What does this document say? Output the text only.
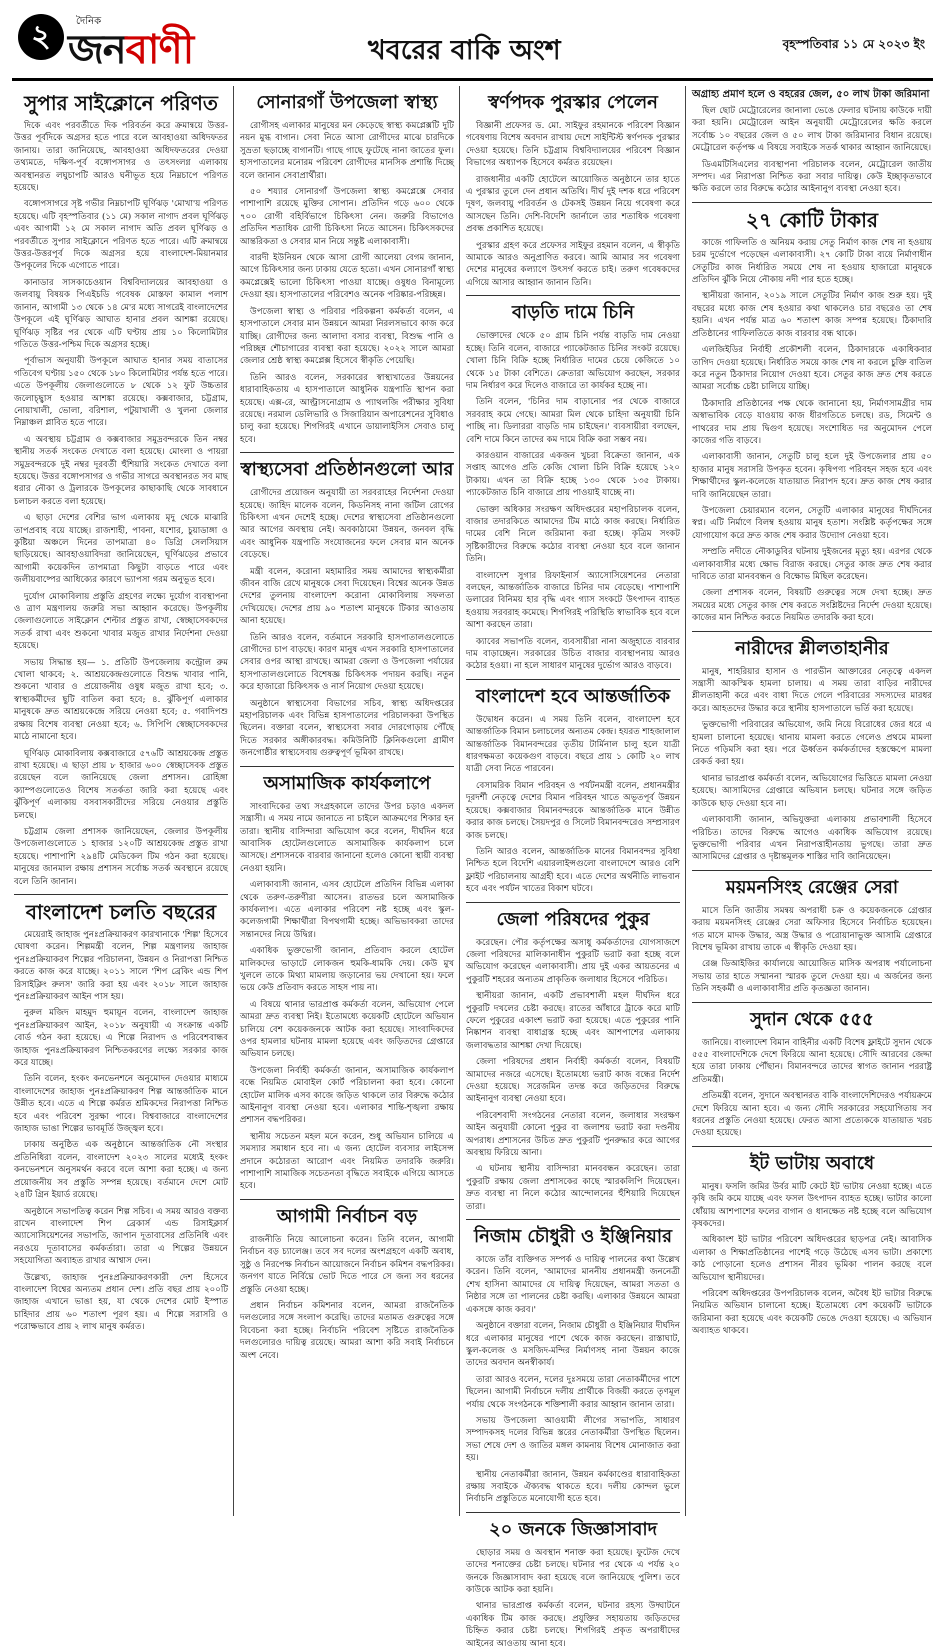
২ জনবাণী
দৈনিক
খবরের বাকি অংশ	বৃহস্পতিবার ১১ মে ২০২৩ ইং
সুপার সাইক্লোনে পরিণত

দিকে এবং পরবর্তীতে দিক পরিবর্তন করে ক্রমান্বয়ে উত্তর-উত্তর পূর্বদিকে অগ্রসর হতে পারে বলে আবহাওয়া অধিদফতর জানায়। তারা জানিয়েছে, আবহাওয়া অধিদফতরের দেওয়া তথ্যমতে, দক্ষিণ-পূর্ব বঙ্গোপসাগর ও তৎসংলগ্ন এলাকায় অবস্থানরত লঘুচাপটি আরও ঘনীভূত হয়ে নিম্নচাপে পরিণত হয়েছে।

বঙ্গোপসাগরে সৃষ্ট গভীর নিম্নচাপটি ঘূর্ণিঝড় 'মোখা'য় পরিণত হয়েছে। এটি বৃহস্পতিবার (১১ মে) সকাল নাগাদ প্রবল ঘূর্ণিঝড় এবং আগামী ১২ মে সকাল নাগাদ অতি প্রবল ঘূর্ণিঝড় ও পরবর্তীতে সুপার সাইক্লোনে পরিণত হতে পারে। এটি ক্রমান্বয়ে উত্তর-উত্তরপূর্ব দিকে অগ্রসর হয়ে বাংলাদেশ-মিয়ানমার উপকূলের দিকে এগোতে পারে।

কানাডার সাসকাচেওয়ান বিশ্ববিদ্যালয়ের আবহাওয়া ও জলবায়ু বিষয়ক পিএইচডি গবেষক মোস্তফা কামাল পলাশ জানান, আগামী ১৩ থেকে ১৪ মে'র মধ্যে সাগরেই বাংলাদেশের উপকূলে এই ঘূর্ণিঝড় আঘাত হানার প্রবল আশঙ্কা রয়েছে। ঘূর্ণিঝড় সৃষ্টির পর থেকে এটি ঘণ্টায় প্রায় ১০ কিলোমিটার গতিতে উত্তর-পশ্চিম দিকে অগ্রসর হচ্ছে।

পূর্বাভাস অনুযায়ী উপকূলে আঘাত হানার সময় বাতাসের গতিবেগ ঘণ্টায় ১৫০ থেকে ১৮০ কিলোমিটার পর্যন্ত হতে পারে। এতে উপকূলীয় জেলাগুলোতে ৮ থেকে ১২ ফুট উচ্চতার জলোচ্ছ্বাস হওয়ার আশঙ্কা রয়েছে। কক্সবাজার, চট্টগ্রাম, নোয়াখালী, ভোলা, বরিশাল, পটুয়াখালী ও খুলনা জেলার নিম্নাঞ্চল প্লাবিত হতে পারে।

এ অবস্থায় চট্টগ্রাম ও কক্সবাজার সমুদ্রবন্দরকে তিন নম্বর স্থানীয় সতর্ক সংকেত দেখাতে বলা হয়েছে। মোংলা ও পায়রা সমুদ্রবন্দরকে দুই নম্বর দূরবর্তী হুঁশিয়ারি সংকেত দেখাতে বলা হয়েছে। উত্তর বঙ্গোপসাগর ও গভীর সাগরে অবস্থানরত সব মাছ ধরার নৌকা ও ট্রলারকে উপকূলের কাছাকাছি থেকে সাবধানে চলাচল করতে বলা হয়েছে।

এ ছাড়া দেশের বেশির ভাগ এলাকায় মৃদু থেকে মাঝারি তাপপ্রবাহ বয়ে যাচ্ছে। রাজশাহী, পাবনা, যশোর, চুয়াডাঙ্গা ও কুষ্টিয়া অঞ্চলে দিনের তাপমাত্রা ৪০ ডিগ্রি সেলসিয়াস ছাড়িয়েছে। আবহাওয়াবিদরা জানিয়েছেন, ঘূর্ণিঝড়ের প্রভাবে আগামী কয়েকদিন তাপমাত্রা কিছুটা বাড়তে পারে এবং জলীয়বাষ্পের আধিক্যের কারণে ভ্যাপসা গরম অনুভূত হবে।

দুর্যোগ মোকাবিলায় প্রস্তুতি গ্রহণের লক্ষ্যে দুর্যোগ ব্যবস্থাপনা ও ত্রাণ মন্ত্রণালয় জরুরি সভা আহ্বান করেছে। উপকূলীয় জেলাগুলোতে সাইক্লোন শেল্টার প্রস্তুত রাখা, স্বেচ্ছাসেবকদের সতর্ক রাখা এবং শুকনো খাবার মজুত রাখার নির্দেশনা দেওয়া হয়েছে।

সভায় সিদ্ধান্ত হয়— ১. প্রতিটি উপজেলায় কন্ট্রোল রুম খোলা থাকবে; ২. আশ্রয়কেন্দ্রগুলোতে বিশুদ্ধ খাবার পানি, শুকনো খাবার ও প্রয়োজনীয় ওষুধ মজুত রাখা হবে; ৩. স্বাস্থ্যকর্মীদের ছুটি বাতিল করা হবে; ৪. ঝুঁকিপূর্ণ এলাকার মানুষকে দ্রুত আশ্রয়কেন্দ্রে সরিয়ে নেওয়া হবে; ৫. গবাদিপশু রক্ষায় বিশেষ ব্যবস্থা নেওয়া হবে; ৬. সিপিপি স্বেচ্ছাসেবকদের মাঠে নামানো হবে।

ঘূর্ণিঝড় মোকাবিলায় কক্সবাজারে ৫৭৬টি আশ্রয়কেন্দ্র প্রস্তুত রাখা হয়েছে। এ ছাড়া প্রায় ৮ হাজার ৬০০ স্বেচ্ছাসেবক প্রস্তুত রয়েছেন বলে জানিয়েছে জেলা প্রশাসন। রোহিঙ্গা ক্যাম্পগুলোতেও বিশেষ সতর্কতা জারি করা হয়েছে এবং ঝুঁকিপূর্ণ এলাকায় বসবাসকারীদের সরিয়ে নেওয়ার প্রস্তুতি চলছে।

চট্টগ্রাম জেলা প্রশাসক জানিয়েছেন, জেলার উপকূলীয় উপজেলাগুলোতে ১ হাজার ১২০টি আশ্রয়কেন্দ্র প্রস্তুত রাখা হয়েছে। পাশাপাশি ২৯৪টি মেডিকেল টিম গঠন করা হয়েছে। মানুষের জানমাল রক্ষায় প্রশাসন সর্বোচ্চ সতর্ক অবস্থানে রয়েছে বলে তিনি জানান।

বাংলাদেশ চলতি বছরের

মেয়েরাই জাহাজ পুনঃপ্রক্রিয়াকরণ কারখানাকে 'শিল্প' হিসেবে ঘোষণা করেন। শিল্পমন্ত্রী বলেন, শিল্প মন্ত্রণালয় জাহাজ পুনঃপ্রক্রিয়াকরণ শিল্পের পরিচালনা, উন্নয়ন ও নিরাপত্তা নিশ্চিত করতে কাজ করে যাচ্ছে। ২০১১ সালে 'শিপ ব্রেকিং এন্ড শিপ রিসাইক্লিং রুলস' জারি করা হয় এবং ২০১৮ সালে জাহাজ পুনঃপ্রক্রিয়াকরণ আইন পাস হয়।

নুরুল মজিদ মাহমুদ হুমায়ূন বলেন, বাংলাদেশ জাহাজ পুনঃপ্রক্রিয়াকরণ আইন, ২০১৮ অনুযায়ী এ সংক্রান্ত একটি বোর্ড গঠন করা হয়েছে। এ শিল্পে নিরাপদ ও পরিবেশবান্ধব জাহাজ পুনঃপ্রক্রিয়াকরণ নিশ্চিতকরণের লক্ষ্যে সরকার কাজ করে যাচ্ছে।

তিনি বলেন, হংকং কনভেনশনে অনুমোদন দেওয়ার মাধ্যমে বাংলাদেশের জাহাজ পুনঃপ্রক্রিয়াকরণ শিল্প আন্তর্জাতিক মানে উন্নীত হবে। এতে এ শিল্পে কর্মরত শ্রমিকদের নিরাপত্তা নিশ্চিত হবে এবং পরিবেশ সুরক্ষা পাবে। বিশ্ববাজারে বাংলাদেশের জাহাজ ভাঙা শিল্পের ভাবমূর্তি উজ্জ্বল হবে।

ঢাকায় অনুষ্ঠিত এক অনুষ্ঠানে আন্তর্জাতিক নৌ সংস্থার প্রতিনিধিরা বলেন, বাংলাদেশ ২০২৩ সালের মধ্যেই হংকং কনভেনশনে অনুসমর্থন করবে বলে আশা করা হচ্ছে। এ জন্য প্রয়োজনীয় সব প্রস্তুতি সম্পন্ন হয়েছে। বর্তমানে দেশে মোট ২৪টি গ্রিন ইয়ার্ড রয়েছে।

অনুষ্ঠানে সভাপতিত্ব করেন শিল্প সচিব। এ সময় আরও বক্তব্য রাখেন বাংলাদেশ শিপ ব্রেকার্স এন্ড রিসাইক্লার্স অ্যাসোসিয়েশনের সভাপতি, জাপান দূতাবাসের প্রতিনিধি এবং নরওয়ে দূতাবাসের কর্মকর্তারা। তারা এ শিল্পের উন্নয়নে সহযোগিতা অব্যাহত রাখার আশ্বাস দেন।

উল্লেখ্য, জাহাজ পুনঃপ্রক্রিয়াকরণকারী দেশ হিসেবে বাংলাদেশ বিশ্বের অন্যতম প্রধান দেশ। প্রতি বছর প্রায় ২০০টি জাহাজ এখানে ভাঙা হয়, যা থেকে দেশের মোট ইস্পাত চাহিদার প্রায় ৬০ শতাংশ পূরণ হয়। এ শিল্পে সরাসরি ও পরোক্ষভাবে প্রায় ২ লাখ মানুষ কর্মরত।

সোনারগাঁ উপজেলা স্বাস্থ্য

রোগীসহ এলাকার মানুষের মন কেড়েছে স্বাস্থ্য কমপ্লেক্সটি দুটি নয়ন মুগ্ধ বাগান। সেবা নিতে আসা রোগীদের মাঝে চারদিকে সুভ্রতা ছড়াচ্ছে বাগানটি। গাছে গাছে ফুটেছে নানা জাতের ফুল। হাসপাতালের মনোরম পরিবেশ রোগীদের মানসিক প্রশান্তি দিচ্ছে বলে জানান সেবাপ্রার্থীরা।

৫০ শয্যার সোনারগাঁ উপজেলা স্বাস্থ্য কমপ্লেক্সে সেবার পাশাপাশি রয়েছে মুক্তির সোপান। প্রতিদিন গড়ে ৬০০ থেকে ৭০০ রোগী বহির্বিভাগে চিকিৎসা নেন। জরুরি বিভাগেও প্রতিদিন শতাধিক রোগী চিকিৎসা নিতে আসেন। চিকিৎসকদের আন্তরিকতা ও সেবার মান নিয়ে সন্তুষ্ট এলাকাবাসী।

বারদী ইউনিয়ন থেকে আসা রোগী আলেয়া বেগম জানান, আগে চিকিৎসার জন্য ঢাকায় যেতে হতো। এখন সোনারগাঁ স্বাস্থ্য কমপ্লেক্সেই ভালো চিকিৎসা পাওয়া যাচ্ছে। ওষুধও বিনামূল্যে দেওয়া হয়। হাসপাতালের পরিবেশও অনেক পরিষ্কার-পরিচ্ছন্ন।

উপজেলা স্বাস্থ্য ও পরিবার পরিকল্পনা কর্মকর্তা বলেন, এ হাসপাতালে সেবার মান উন্নয়নে আমরা নিরলসভাবে কাজ করে যাচ্ছি। রোগীদের জন্য আলাদা বসার ব্যবস্থা, বিশুদ্ধ পানি ও পরিচ্ছন্ন শৌচাগারের ব্যবস্থা করা হয়েছে। ২০২২ সালে আমরা জেলার শ্রেষ্ঠ স্বাস্থ্য কমপ্লেক্স হিসেবে স্বীকৃতি পেয়েছি।

তিনি আরও বলেন, সরকারের স্বাস্থ্যখাতের উন্নয়নের ধারাবাহিকতায় এ হাসপাতালে আধুনিক যন্ত্রপাতি স্থাপন করা হয়েছে। এক্স-রে, আল্ট্রাসনোগ্রাম ও প্যাথলজি পরীক্ষার সুবিধা রয়েছে। নরমাল ডেলিভারি ও সিজারিয়ান অপারেশনের সুবিধাও চালু করা হয়েছে। শিগগিরই এখানে ডায়ালাইসিস সেবাও চালু হবে।

স্বাস্থ্যসেবা প্রতিষ্ঠানগুলো আর

রোগীদের প্রয়োজন অনুযায়ী তা সরবরাহের নির্দেশনা দেওয়া হয়েছে। জাহিদ মালেক বলেন, কিডনিসহ নানা জটিল রোগের চিকিৎসা এখন দেশেই হচ্ছে। দেশের স্বাস্থ্যসেবা প্রতিষ্ঠানগুলো আর আগের অবস্থায় নেই। অবকাঠামো উন্নয়ন, জনবল বৃদ্ধি এবং আধুনিক যন্ত্রপাতি সংযোজনের ফলে সেবার মান অনেক বেড়েছে।

মন্ত্রী বলেন, করোনা মহামারির সময় আমাদের স্বাস্থ্যকর্মীরা জীবন বাজি রেখে মানুষকে সেবা দিয়েছেন। বিশ্বের অনেক উন্নত দেশের তুলনায় বাংলাদেশ করোনা মোকাবিলায় সফলতা দেখিয়েছে। দেশের প্রায় ৯০ শতাংশ মানুষকে টিকার আওতায় আনা হয়েছে।

তিনি আরও বলেন, বর্তমানে সরকারি হাসপাতালগুলোতে রোগীদের চাপ বাড়ছে। কারণ মানুষ এখন সরকারি হাসপাতালের সেবার ওপর আস্থা রাখছে। আমরা জেলা ও উপজেলা পর্যায়ের হাসপাতালগুলোতে বিশেষজ্ঞ চিকিৎসক পদায়ন করছি। নতুন করে হাজারো চিকিৎসক ও নার্স নিয়োগ দেওয়া হয়েছে।

অনুষ্ঠানে স্বাস্থ্যসেবা বিভাগের সচিব, স্বাস্থ্য অধিদপ্তরের মহাপরিচালক এবং বিভিন্ন হাসপাতালের পরিচালকরা উপস্থিত ছিলেন। বক্তারা বলেন, স্বাস্থ্যসেবা সবার দোরগোড়ায় পৌঁছে দিতে সরকার অঙ্গীকারবদ্ধ। কমিউনিটি ক্লিনিকগুলো গ্রামীণ জনগোষ্ঠীর স্বাস্থ্যসেবায় গুরুত্বপূর্ণ ভূমিকা রাখছে।

অসামাজিক কার্যকলাপে

সাংবাদিকের তথ্য সংগ্রহকালে তাদের উপর চড়াও একদল সন্ত্রাসী। এ সময় নামে জানাতে না চাইলে আক্রমণের শিকার হন তারা। স্থানীয় বাসিন্দারা অভিযোগ করে বলেন, দীর্ঘদিন ধরে আবাসিক হোটেলগুলোতে অসামাজিক কার্যকলাপ চলে আসছে। প্রশাসনকে বারবার জানানো হলেও কোনো স্থায়ী ব্যবস্থা নেওয়া হয়নি।

এলাকাবাসী জানান, এসব হোটেলে প্রতিদিন বিভিন্ন এলাকা থেকে তরুণ-তরুণীরা আসেন। রাতভর চলে অসামাজিক কার্যকলাপ। এতে এলাকার পরিবেশ নষ্ট হচ্ছে এবং স্কুল-কলেজগামী শিক্ষার্থীরা বিপথগামী হচ্ছে। অভিভাবকরা তাদের সন্তানদের নিয়ে উদ্বিগ্ন।

একাধিক ভুক্তভোগী জানান, প্রতিবাদ করলে হোটেল মালিকদের ভাড়াটে লোকজন হুমকি-ধামকি দেয়। কেউ মুখ খুললে তাকে মিথ্যা মামলায় জড়ানোর ভয় দেখানো হয়। ফলে ভয়ে কেউ প্রতিবাদ করতে সাহস পায় না।

এ বিষয়ে থানার ভারপ্রাপ্ত কর্মকর্তা বলেন, অভিযোগ পেলে আমরা দ্রুত ব্যবস্থা নিই। ইতোমধ্যে কয়েকটি হোটেলে অভিযান চালিয়ে বেশ কয়েকজনকে আটক করা হয়েছে। সাংবাদিকদের ওপর হামলার ঘটনায় মামলা হয়েছে এবং জড়িতদের গ্রেপ্তারে অভিযান চলছে।

উপজেলা নির্বাহী কর্মকর্তা জানান, অসামাজিক কার্যকলাপ বন্ধে নিয়মিত মোবাইল কোর্ট পরিচালনা করা হবে। কোনো হোটেল মালিক এসব কাজে জড়িত থাকলে তার বিরুদ্ধে কঠোর আইনানুগ ব্যবস্থা নেওয়া হবে। এলাকার শান্তি-শৃঙ্খলা রক্ষায় প্রশাসন বদ্ধপরিকর।

স্থানীয় সচেতন মহল মনে করেন, শুধু অভিযান চালিয়ে এ সমস্যার সমাধান হবে না। এ জন্য হোটেল ব্যবসার লাইসেন্স প্রদানে কঠোরতা আরোপ এবং নিয়মিত তদারকি জরুরি। পাশাপাশি সামাজিক সচেতনতা বৃদ্ধিতে সবাইকে এগিয়ে আসতে হবে।

আগামী নির্বাচন বড়

রাজনীতি নিয়ে আলোচনা করেন। তিনি বলেন, আগামী নির্বাচন বড় চ্যালেঞ্জ। তবে সব দলের অংশগ্রহণে একটি অবাধ, সুষ্ঠু ও নিরপেক্ষ নির্বাচন আয়োজনে নির্বাচন কমিশন বদ্ধপরিকর। জনগণ যাতে নির্বিঘ্নে ভোট দিতে পারে সে জন্য সব ধরনের প্রস্তুতি নেওয়া হচ্ছে।

প্রধান নির্বাচন কমিশনার বলেন, আমরা রাজনৈতিক দলগুলোর সঙ্গে সংলাপ করেছি। তাদের মতামত গুরুত্বের সঙ্গে বিবেচনা করা হচ্ছে। নির্বাচনি পরিবেশ সৃষ্টিতে রাজনৈতিক দলগুলোরও দায়িত্ব রয়েছে। আমরা আশা করি সবাই নির্বাচনে অংশ নেবে।

স্বর্ণপদক পুরস্কার পেলেন

বিজ্ঞানী প্রফেসর ড. মো. সাইফুর রহমানকে পরিবেশ বিজ্ঞান গবেষণায় বিশেষ অবদান রাখায় দেশে সাইন্টিস্ট স্বর্ণপদক পুরস্কার দেওয়া হয়েছে। তিনি চট্টগ্রাম বিশ্ববিদ্যালয়ের পরিবেশ বিজ্ঞান বিভাগের অধ্যাপক হিসেবে কর্মরত রয়েছেন।

রাজধানীর একটি হোটেলে আয়োজিত অনুষ্ঠানে তার হাতে এ পুরস্কার তুলে দেন প্রধান অতিথি। দীর্ঘ দুই দশক ধরে পরিবেশ দূষণ, জলবায়ু পরিবর্তন ও টেকসই উন্নয়ন নিয়ে গবেষণা করে আসছেন তিনি। দেশি-বিদেশি জার্নালে তার শতাধিক গবেষণা প্রবন্ধ প্রকাশিত হয়েছে।

পুরস্কার গ্রহণ করে প্রফেসর সাইফুর রহমান বলেন, এ স্বীকৃতি আমাকে আরও অনুপ্রাণিত করবে। আমি আমার সব গবেষণা দেশের মানুষের কল্যাণে উৎসর্গ করতে চাই। তরুণ গবেষকদের এগিয়ে আসার আহ্বান জানান তিনি।

বাড়তি দামে চিনি

ভোক্তাদের থেকে ৫০ গ্রাম চিনি পর্যন্ত বাড়তি দাম নেওয়া হচ্ছে। তিনি বলেন, বাজারে প্যাকেটজাত চিনির সংকট রয়েছে। খোলা চিনি বিক্রি হচ্ছে নির্ধারিত দামের চেয়ে কেজিতে ১০ থেকে ১৫ টাকা বেশিতে। ক্রেতারা অভিযোগ করছেন, সরকার দাম নির্ধারণ করে দিলেও বাজারে তা কার্যকর হচ্ছে না।

তিনি বলেন, 'চিনির দাম বাড়ানোর পর থেকে বাজারে সরবরাহ কমে গেছে। আমরা মিল থেকে চাহিদা অনুযায়ী চিনি পাচ্ছি না। ডিলাররা বাড়তি দাম চাইছেন।' ব্যবসায়ীরা বলছেন, বেশি দামে কিনে তাদের কম দামে বিক্রি করা সম্ভব নয়।

কারওয়ান বাজারের একজন খুচরা বিক্রেতা জানান, এক সপ্তাহ আগেও প্রতি কেজি খোলা চিনি বিক্রি হয়েছে ১২০ টাকায়। এখন তা বিক্রি হচ্ছে ১৩০ থেকে ১৩৫ টাকায়। প্যাকেটজাত চিনি বাজারে প্রায় পাওয়াই যাচ্ছে না।

ভোক্তা অধিকার সংরক্ষণ অধিদপ্তরের মহাপরিচালক বলেন, বাজার তদারকিতে আমাদের টিম মাঠে কাজ করছে। নির্ধারিত দামের বেশি নিলে জরিমানা করা হচ্ছে। কৃত্রিম সংকট সৃষ্টিকারীদের বিরুদ্ধে কঠোর ব্যবস্থা নেওয়া হবে বলে জানান তিনি।

বাংলাদেশ সুগার রিফাইনার্স অ্যাসোসিয়েশনের নেতারা বলছেন, আন্তর্জাতিক বাজারে চিনির দাম বেড়েছে। পাশাপাশি ডলারের বিনিময় হার বৃদ্ধি এবং গ্যাস সংকটে উৎপাদন ব্যাহত হওয়ায় সরবরাহ কমেছে। শিগগিরই পরিস্থিতি স্বাভাবিক হবে বলে আশা করছেন তারা।

ক্যাবের সভাপতি বলেন, ব্যবসায়ীরা নানা অজুহাতে বারবার দাম বাড়াচ্ছেন। সরকারের উচিত বাজার ব্যবস্থাপনায় আরও কঠোর হওয়া। না হলে সাধারণ মানুষের দুর্ভোগ আরও বাড়বে।

বাংলাদেশ হবে আন্তর্জাতিক

উদ্বোধন করেন। এ সময় তিনি বলেন, বাংলাদেশ হবে আন্তর্জাতিক বিমান চলাচলের অন্যতম কেন্দ্র। হযরত শাহজালাল আন্তর্জাতিক বিমানবন্দরের তৃতীয় টার্মিনাল চালু হলে যাত্রী ধারণক্ষমতা কয়েকগুণ বাড়বে। বছরে প্রায় ১ কোটি ২০ লাখ যাত্রী সেবা নিতে পারবেন।

বেসামরিক বিমান পরিবহন ও পর্যটনমন্ত্রী বলেন, প্রধানমন্ত্রীর দূরদর্শী নেতৃত্বে দেশের বিমান পরিবহন খাতে অভূতপূর্ব উন্নয়ন হয়েছে। কক্সবাজার বিমানবন্দরকে আন্তর্জাতিক মানে উন্নীত করার কাজ চলছে। সৈয়দপুর ও সিলেট বিমানবন্দরেও সম্প্রসারণ কাজ চলছে।

তিনি আরও বলেন, আন্তর্জাতিক মানের বিমানবন্দর সুবিধা নিশ্চিত হলে বিদেশি এয়ারলাইন্সগুলো বাংলাদেশে আরও বেশি ফ্লাইট পরিচালনায় আগ্রহী হবে। এতে দেশের অর্থনীতি লাভবান হবে এবং পর্যটন খাতের বিকাশ ঘটবে।

জেলা পরিষদের পুকুর

করেছেন। পৌর কর্তৃপক্ষের অসাধু কর্মকর্তাদের যোগসাজশে জেলা পরিষদের মালিকানাধীন পুকুরটি ভরাট করা হচ্ছে বলে অভিযোগ করেছেন এলাকাবাসী। প্রায় দুই একর আয়তনের এ পুকুরটি শহরের অন্যতম প্রাকৃতিক জলাধার হিসেবে পরিচিত।

স্থানীয়রা জানান, একটি প্রভাবশালী মহল দীর্ঘদিন ধরে পুকুরটি দখলের চেষ্টা করছে। রাতের আঁধারে ট্রাকে করে মাটি ফেলে পুকুরের একাংশ ভরাট করা হয়েছে। এতে পুকুরের পানি নিষ্কাশন ব্যবস্থা বাধাগ্রস্ত হচ্ছে এবং আশপাশের এলাকায় জলাবদ্ধতার আশঙ্কা দেখা দিয়েছে।

জেলা পরিষদের প্রধান নির্বাহী কর্মকর্তা বলেন, বিষয়টি আমাদের নজরে এসেছে। ইতোমধ্যে ভরাট কাজ বন্ধের নির্দেশ দেওয়া হয়েছে। সরেজমিন তদন্ত করে জড়িতদের বিরুদ্ধে আইনানুগ ব্যবস্থা নেওয়া হবে।

পরিবেশবাদী সংগঠনের নেতারা বলেন, জলাধার সংরক্ষণ আইন অনুযায়ী কোনো পুকুর বা জলাশয় ভরাট করা দণ্ডনীয় অপরাধ। প্রশাসনের উচিত দ্রুত পুকুরটি পুনরুদ্ধার করে আগের অবস্থায় ফিরিয়ে আনা।

এ ঘটনায় স্থানীয় বাসিন্দারা মানববন্ধন করেছেন। তারা পুকুরটি রক্ষায় জেলা প্রশাসকের কাছে স্মারকলিপি দিয়েছেন। দ্রুত ব্যবস্থা না নিলে কঠোর আন্দোলনের হুঁশিয়ারি দিয়েছেন তারা।

নিজাম চৌধুরী ও ইঞ্জিনিয়ার

কাজে তাঁর ব্যক্তিগত সম্পর্ক ও দায়িত্ব পালনের কথা উল্লেখ করেন। তিনি বলেন, 'আমাদের মাননীয় প্রধানমন্ত্রী জননেত্রী শেখ হাসিনা আমাদের যে দায়িত্ব দিয়েছেন, আমরা সততা ও নিষ্ঠার সঙ্গে তা পালনের চেষ্টা করছি। এলাকার উন্নয়নে আমরা একসঙ্গে কাজ করব।'

অনুষ্ঠানে বক্তারা বলেন, নিজাম চৌধুরী ও ইঞ্জিনিয়ার দীর্ঘদিন ধরে এলাকার মানুষের পাশে থেকে কাজ করছেন। রাস্তাঘাট, স্কুল-কলেজ ও মসজিদ-মন্দির নির্মাণসহ নানা উন্নয়ন কাজে তাদের অবদান অনস্বীকার্য।

তারা আরও বলেন, দলের দুঃসময়ে তারা নেতাকর্মীদের পাশে ছিলেন। আগামী নির্বাচনে দলীয় প্রার্থীকে বিজয়ী করতে তৃণমূল পর্যায় থেকে সংগঠনকে শক্তিশালী করার আহ্বান জানান তারা।

সভায় উপজেলা আওয়ামী লীগের সভাপতি, সাধারণ সম্পাদকসহ দলের বিভিন্ন স্তরের নেতাকর্মীরা উপস্থিত ছিলেন। সভা শেষে দেশ ও জাতির মঙ্গল কামনায় বিশেষ মোনাজাত করা হয়।

স্থানীয় নেতাকর্মীরা জানান, উন্নয়ন কর্মকাণ্ডের ধারাবাহিকতা রক্ষায় সবাইকে ঐক্যবদ্ধ থাকতে হবে। দলীয় কোন্দল ভুলে নির্বাচনি প্রস্তুতিতে মনোযোগী হতে হবে।

২০ জনকে জিজ্ঞাসাবাদ

ছোড়ার সময় ও অবস্থান শনাক্ত করা হয়েছে। ফুটেজ দেখে তাদের শনাক্তের চেষ্টা চলছে। ঘটনার পর থেকে এ পর্যন্ত ২০ জনকে জিজ্ঞাসাবাদ করা হয়েছে বলে জানিয়েছে পুলিশ। তবে কাউকে আটক করা হয়নি।

থানার ভারপ্রাপ্ত কর্মকর্তা বলেন, ঘটনার রহস্য উদ্ঘাটনে একাধিক টিম কাজ করছে। প্রযুক্তির সহায়তায় জড়িতদের চিহ্নিত করার চেষ্টা চলছে। শিগগিরই প্রকৃত অপরাধীদের আইনের আওতায় আনা হবে।

অগ্রাহ্য প্রমাণ হলে ও বহরের জেল, ৫০ লাখ টাকা জরিমানা

ছিল ছোট মেট্রোরেলের জানালা ভেঙে ফেলার ঘটনায় কাউকে দায়ী করা হয়নি। মেট্রোরেল আইন অনুযায়ী মেট্রোরেলের ক্ষতি করলে সর্বোচ্চ ১০ বছরের জেল ও ৫০ লাখ টাকা জরিমানার বিধান রয়েছে। মেট্রোরেল কর্তৃপক্ষ এ বিষয়ে সবাইকে সতর্ক থাকার আহ্বান জানিয়েছে।

ডিএমটিসিএলের ব্যবস্থাপনা পরিচালক বলেন, মেট্রোরেল জাতীয় সম্পদ। এর নিরাপত্তা নিশ্চিত করা সবার দায়িত্ব। কেউ ইচ্ছাকৃতভাবে ক্ষতি করলে তার বিরুদ্ধে কঠোর আইনানুগ ব্যবস্থা নেওয়া হবে।

২৭ কোটি টাকার

কাজে গাফিলতি ও অনিয়ম করায় সেতু নির্মাণ কাজ শেষ না হওয়ায় চরম দুর্ভোগে পড়েছেন এলাকাবাসী। ২৭ কোটি টাকা ব্যয়ে নির্মাণাধীন সেতুটির কাজ নির্ধারিত সময়ে শেষ না হওয়ায় হাজারো মানুষকে প্রতিদিন ঝুঁকি নিয়ে নৌকায় নদী পার হতে হচ্ছে।

স্থানীয়রা জানান, ২০১৯ সালে সেতুটির নির্মাণ কাজ শুরু হয়। দুই বছরের মধ্যে কাজ শেষ হওয়ার কথা থাকলেও চার বছরেও তা শেষ হয়নি। এখন পর্যন্ত মাত্র ৬০ শতাংশ কাজ সম্পন্ন হয়েছে। ঠিকাদারি প্রতিষ্ঠানের গাফিলতিতে কাজ বারবার বন্ধ থাকে।

এলজিইডির নির্বাহী প্রকৌশলী বলেন, ঠিকাদারকে একাধিকবার তাগিদ দেওয়া হয়েছে। নির্ধারিত সময়ে কাজ শেষ না করলে চুক্তি বাতিল করে নতুন ঠিকাদার নিয়োগ দেওয়া হবে। সেতুর কাজ দ্রুত শেষ করতে আমরা সর্বোচ্চ চেষ্টা চালিয়ে যাচ্ছি।

ঠিকাদারি প্রতিষ্ঠানের পক্ষ থেকে জানানো হয়, নির্মাণসামগ্রীর দাম অস্বাভাবিক বেড়ে যাওয়ায় কাজ ধীরগতিতে চলছে। রড, সিমেন্ট ও পাথরের দাম প্রায় দ্বিগুণ হয়েছে। সংশোধিত দর অনুমোদন পেলে কাজের গতি বাড়বে।

এলাকাবাসী জানান, সেতুটি চালু হলে দুই উপজেলার প্রায় ৫০ হাজার মানুষ সরাসরি উপকৃত হবেন। কৃষিপণ্য পরিবহন সহজ হবে এবং শিক্ষার্থীদের স্কুল-কলেজে যাতায়াত নিরাপদ হবে। দ্রুত কাজ শেষ করার দাবি জানিয়েছেন তারা।

উপজেলা চেয়ারম্যান বলেন, সেতুটি এলাকার মানুষের দীর্ঘদিনের স্বপ্ন। এটি নির্মাণে বিলম্ব হওয়ায় মানুষ হতাশ। সংশ্লিষ্ট কর্তৃপক্ষের সঙ্গে যোগাযোগ করে দ্রুত কাজ শেষ করার উদ্যোগ নেওয়া হবে।

সম্প্রতি নদীতে নৌকাডুবির ঘটনায় দুইজনের মৃত্যু হয়। এরপর থেকে এলাকাবাসীর মধ্যে ক্ষোভ বিরাজ করছে। সেতুর কাজ দ্রুত শেষ করার দাবিতে তারা মানববন্ধন ও বিক্ষোভ মিছিল করেছেন।

জেলা প্রশাসক বলেন, বিষয়টি গুরুত্বের সঙ্গে দেখা হচ্ছে। দ্রুত সময়ের মধ্যে সেতুর কাজ শেষ করতে সংশ্লিষ্টদের নির্দেশ দেওয়া হয়েছে। কাজের মান নিশ্চিত করতে নিয়মিত তদারকি করা হবে।

নারীদের শ্লীলতাহানীর

মানুষ, শাহরিয়ার হাসান ও পারভীন আক্তারের নেতৃত্বে একদল সন্ত্রাসী আকস্মিক হামলা চালায়। এ সময় তারা বাড়ির নারীদের শ্লীলতাহানী করে এবং বাধা দিতে গেলে পরিবারের সদস্যদের মারধর করে। আহতদের উদ্ধার করে স্থানীয় হাসপাতালে ভর্তি করা হয়েছে।

ভুক্তভোগী পরিবারের অভিযোগ, জমি নিয়ে বিরোধের জের ধরে এ হামলা চালানো হয়েছে। থানায় মামলা করতে গেলেও প্রথমে মামলা নিতে গড়িমসি করা হয়। পরে ঊর্ধ্বতন কর্মকর্তাদের হস্তক্ষেপে মামলা রেকর্ড করা হয়।

থানার ভারপ্রাপ্ত কর্মকর্তা বলেন, অভিযোগের ভিত্তিতে মামলা নেওয়া হয়েছে। আসামিদের গ্রেপ্তারে অভিযান চলছে। ঘটনার সঙ্গে জড়িত কাউকে ছাড় দেওয়া হবে না।

এলাকাবাসী জানান, অভিযুক্তরা এলাকায় প্রভাবশালী হিসেবে পরিচিত। তাদের বিরুদ্ধে আগেও একাধিক অভিযোগ রয়েছে। ভুক্তভোগী পরিবার এখন নিরাপত্তাহীনতায় ভুগছে। তারা দ্রুত আসামিদের গ্রেপ্তার ও দৃষ্টান্তমূলক শাস্তির দাবি জানিয়েছেন।

ময়মনসিংহ রেঞ্জের সেরা

মাসে তিনি জাতীয় সমন্বয় অপরাধী চক্র ও কয়েকজনকে গ্রেপ্তার করায় ময়মনসিংহ রেঞ্জের সেরা অফিসার হিসেবে নির্বাচিত হয়েছেন। গত মাসে মাদক উদ্ধার, অস্ত্র উদ্ধার ও পরোয়ানাভুক্ত আসামি গ্রেপ্তারে বিশেষ ভূমিকা রাখায় তাকে এ স্বীকৃতি দেওয়া হয়।

রেঞ্জ ডিআইজির কার্যালয়ে আয়োজিত মাসিক অপরাধ পর্যালোচনা সভায় তার হাতে সম্মাননা স্মারক তুলে দেওয়া হয়। এ অর্জনের জন্য তিনি সহকর্মী ও এলাকাবাসীর প্রতি কৃতজ্ঞতা জানান।

সুদান থেকে ৫৫৫

জানিয়ে। বাংলাদেশ বিমান বাহিনীর একটি বিশেষ ফ্লাইটে সুদান থেকে ৫৫৫ বাংলাদেশিকে দেশে ফিরিয়ে আনা হয়েছে। সৌদি আরবের জেদ্দা হয়ে তারা ঢাকায় পৌঁছান। বিমানবন্দরে তাদের স্বাগত জানান পররাষ্ট্র প্রতিমন্ত্রী।

প্রতিমন্ত্রী বলেন, সুদানে অবস্থানরত বাকি বাংলাদেশিদেরও পর্যায়ক্রমে দেশে ফিরিয়ে আনা হবে। এ জন্য সৌদি সরকারের সহযোগিতায় সব ধরনের প্রস্তুতি নেওয়া হয়েছে। ফেরত আসা প্রত্যেককে যাতায়াত খরচ দেওয়া হয়েছে।

ইট ভাটায় অবাধে

মানুষ। ফসলি জমির উর্বর মাটি কেটে ইট ভাটায় নেওয়া হচ্ছে। এতে কৃষি জমি কমে যাচ্ছে এবং ফসল উৎপাদন ব্যাহত হচ্ছে। ভাটার কালো ধোঁয়ায় আশপাশের ফলের বাগান ও ধানক্ষেত নষ্ট হচ্ছে বলে অভিযোগ কৃষকদের।

অধিকাংশ ইট ভাটার পরিবেশ অধিদপ্তরের ছাড়পত্র নেই। আবাসিক এলাকা ও শিক্ষাপ্রতিষ্ঠানের পাশেই গড়ে উঠেছে এসব ভাটা। প্রকাশ্যে কাঠ পোড়ানো হলেও প্রশাসন নীরব ভূমিকা পালন করছে বলে অভিযোগ স্থানীয়দের।

পরিবেশ অধিদপ্তরের উপপরিচালক বলেন, অবৈধ ইট ভাটার বিরুদ্ধে নিয়মিত অভিযান চালানো হচ্ছে। ইতোমধ্যে বেশ কয়েকটি ভাটাকে জরিমানা করা হয়েছে এবং কয়েকটি ভেঙে দেওয়া হয়েছে। এ অভিযান অব্যাহত থাকবে।
